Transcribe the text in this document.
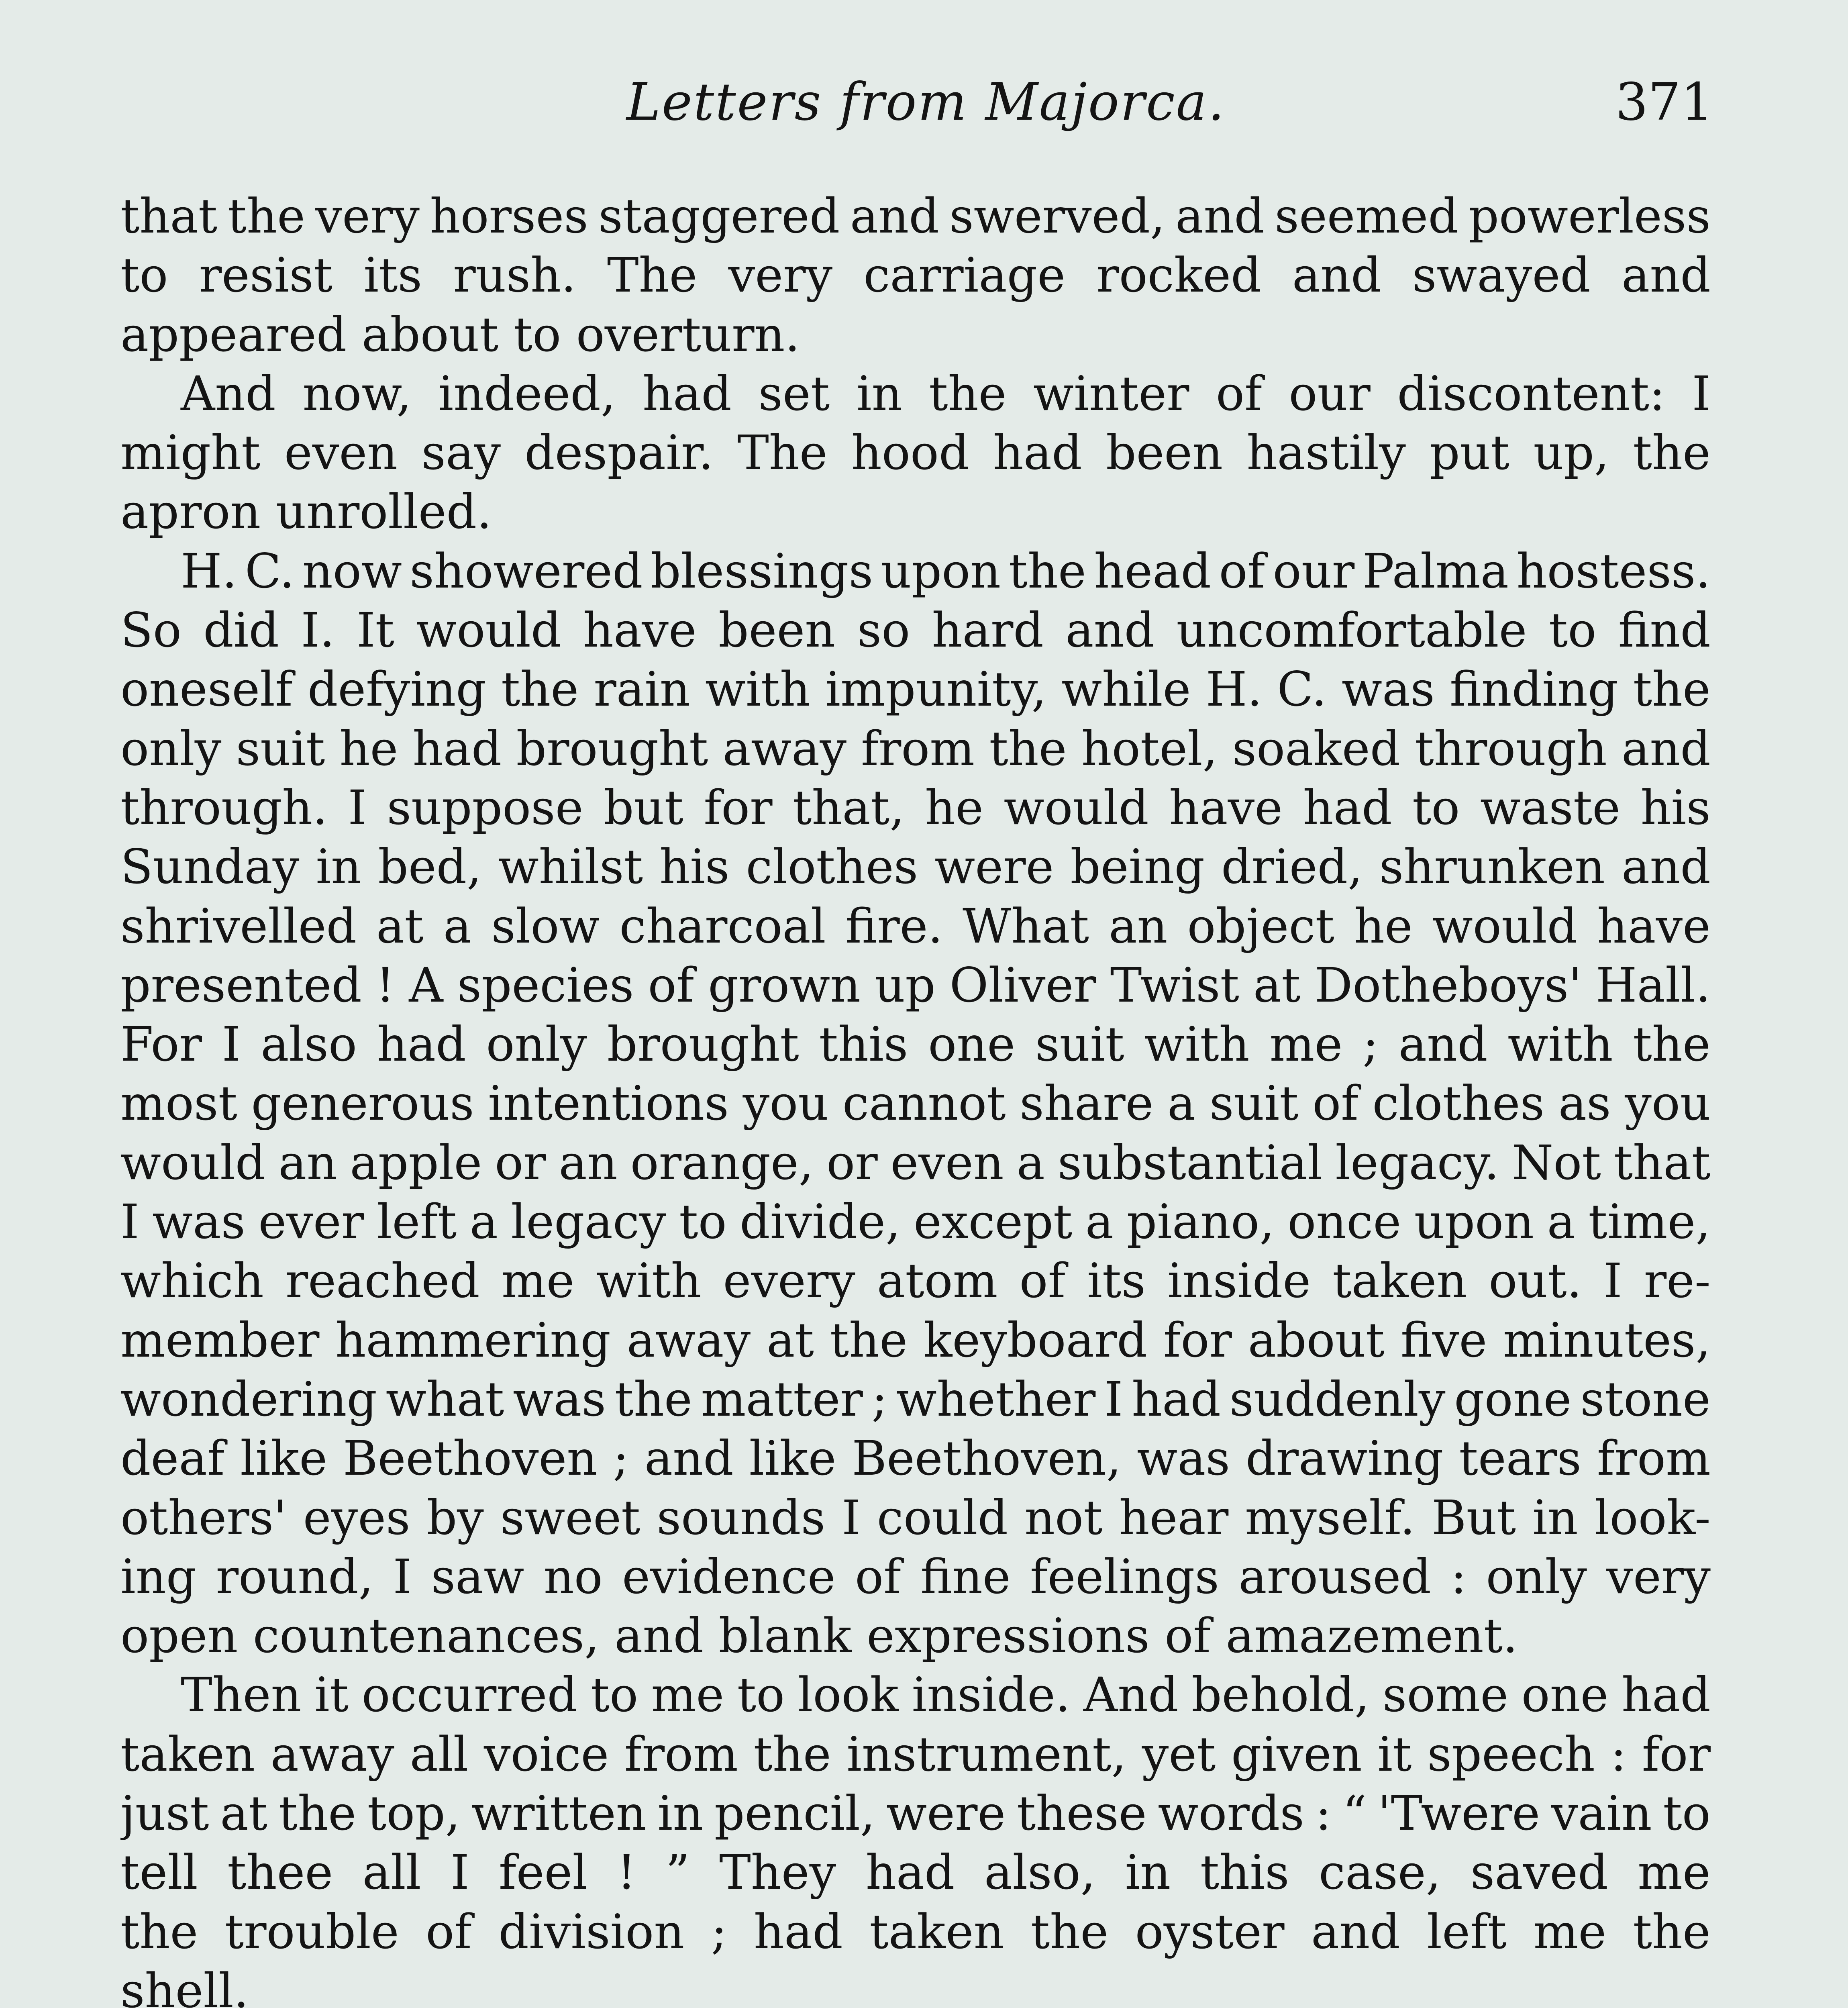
Letters from Majorca.	371
that the very horses staggered and swerved, and seemed powerless
to resist its rush. The very carriage rocked and swayed and
appeared about to overturn.
And now, indeed, had set in the winter of our discontent: I
might even say despair. The hood had been hastily put up, the
apron unrolled.
H. C. now showered blessings upon the head of our Palma hostess.
So did I. It would have been so hard and uncomfortable to find
oneself defying the rain with impunity, while H. C. was finding the
only suit he had brought away from the hotel, soaked through and
through. I suppose but for that, he would have had to waste his
Sunday in bed, whilst his clothes were being dried, shrunken and
shrivelled at a slow charcoal fire. What an object he would have
presented ! A species of grown up Oliver Twist at Dotheboys' Hall.
For I also had only brought this one suit with me ; and with the
most generous intentions you cannot share a suit of clothes as you
would an apple or an orange, or even a substantial legacy. Not that
I was ever left a legacy to divide, except a piano, once upon a time,
which reached me with every atom of its inside taken out. I re-
member hammering away at the keyboard for about five minutes,
wondering what was the matter ; whether I had suddenly gone stone
deaf like Beethoven ; and like Beethoven, was drawing tears from
others' eyes by sweet sounds I could not hear myself. But in look-
ing round, I saw no evidence of fine feelings aroused : only very
open countenances, and blank expressions of amazement.
Then it occurred to me to look inside. And behold, some one had
taken away all voice from the instrument, yet given it speech : for
just at the top, written in pencil, were these words : “ 'Twere vain to
tell thee all I feel ! ” They had also, in this case, saved me
the trouble of division ; had taken the oyster and left me the
shell.
